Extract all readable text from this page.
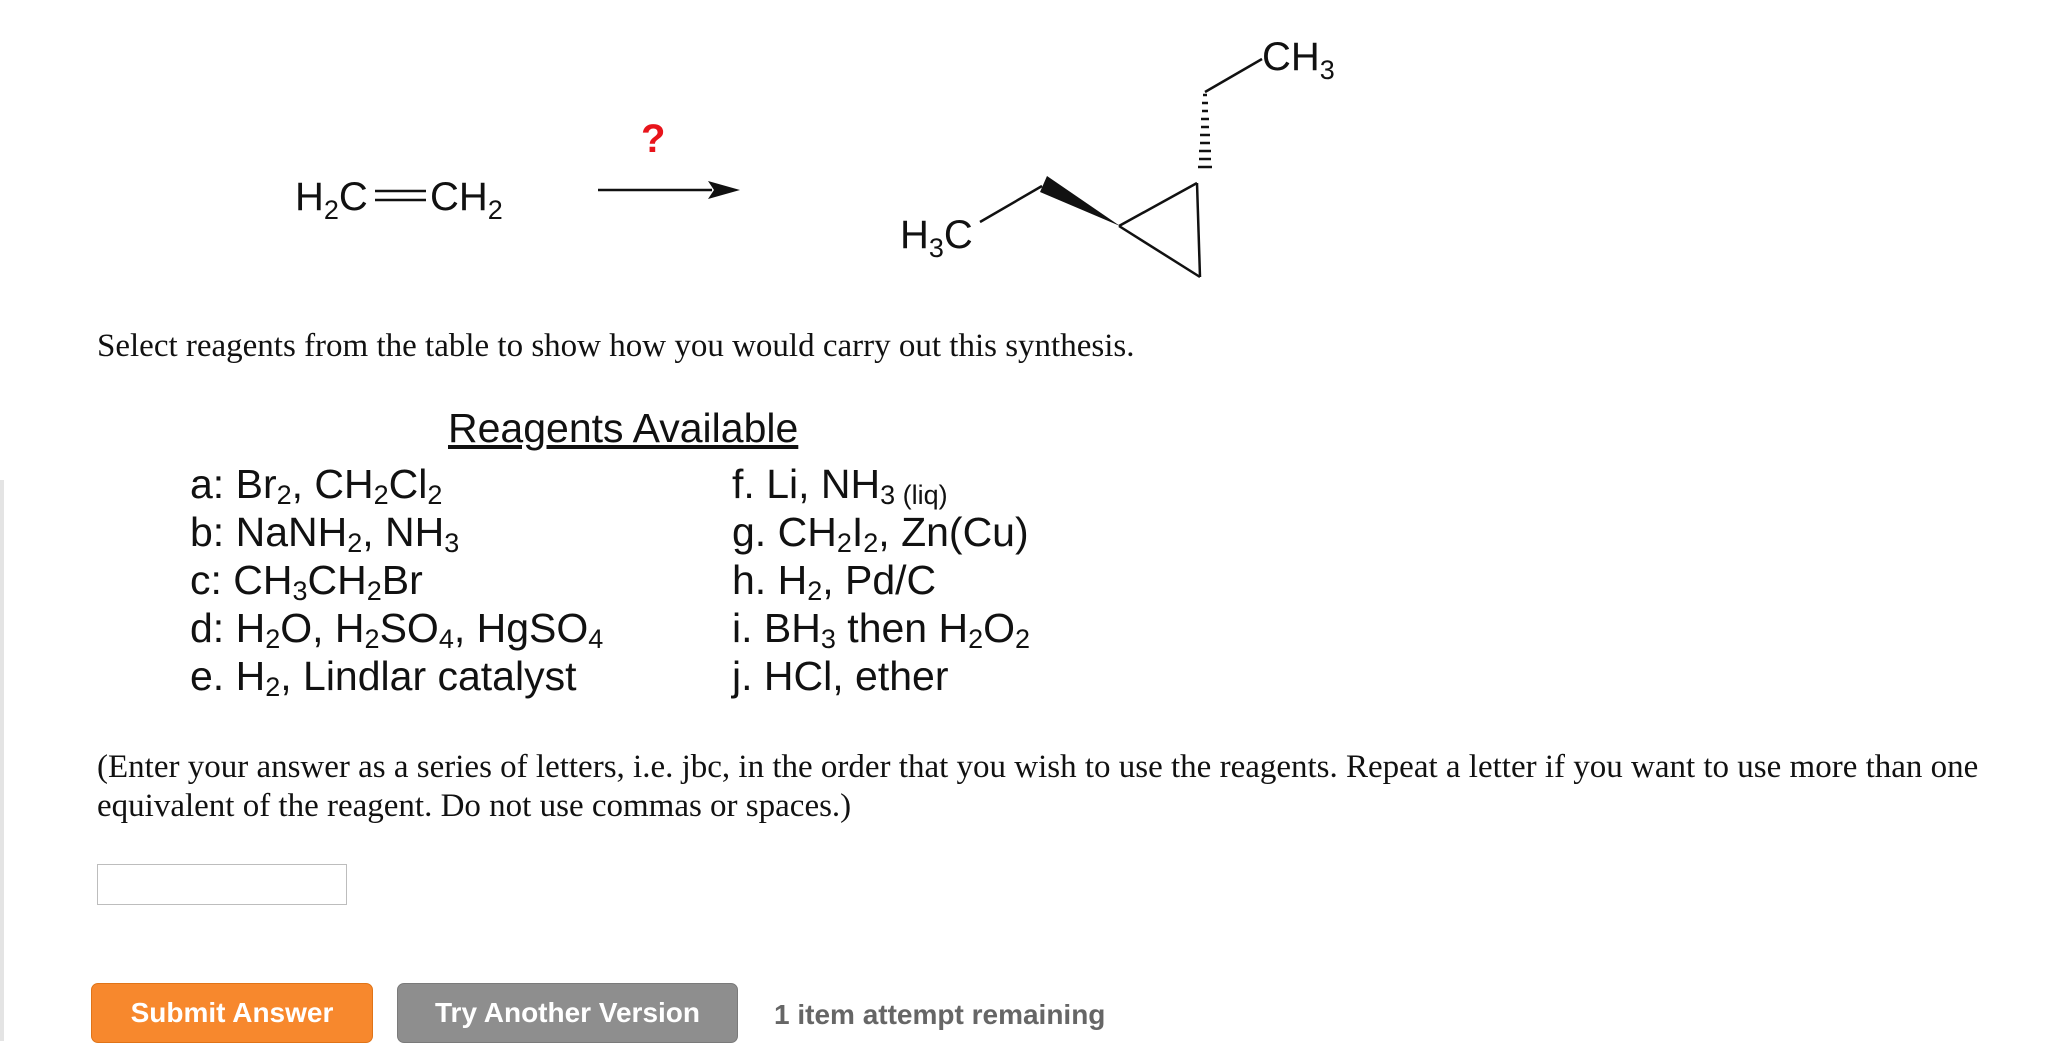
$H_2C$ $CH_2$
?
$CH_3$
$H_3C$
Select reagents from the table to show how you would carry out this synthesis.
Reagents Available
a: $Br_2$, $CH_2Cl_2$
b: NaNH$_2$, $NH_3$
c: $CH_3CH_2Br$
d: $H_2O$, $H_2SO_4$, HgSO$_4$
e. $H_2$, Lindlar catalyst
f. Li, $NH_{3 (liq)}$
g. $CH_2I_2$, Zn(Cu)
h. $H_2$, Pd/C
i. $BH_3$ then $H_2O_2$
j. HCl, ether
(Enter your answer as a series of letters, i.e. jbc, in the order that you wish to use the reagents. Repeat a letter if you want to use more than one equivalent of the reagent. Do not use commas or spaces.)
Submit Answer	Try Another Version	1 item attempt remaining
